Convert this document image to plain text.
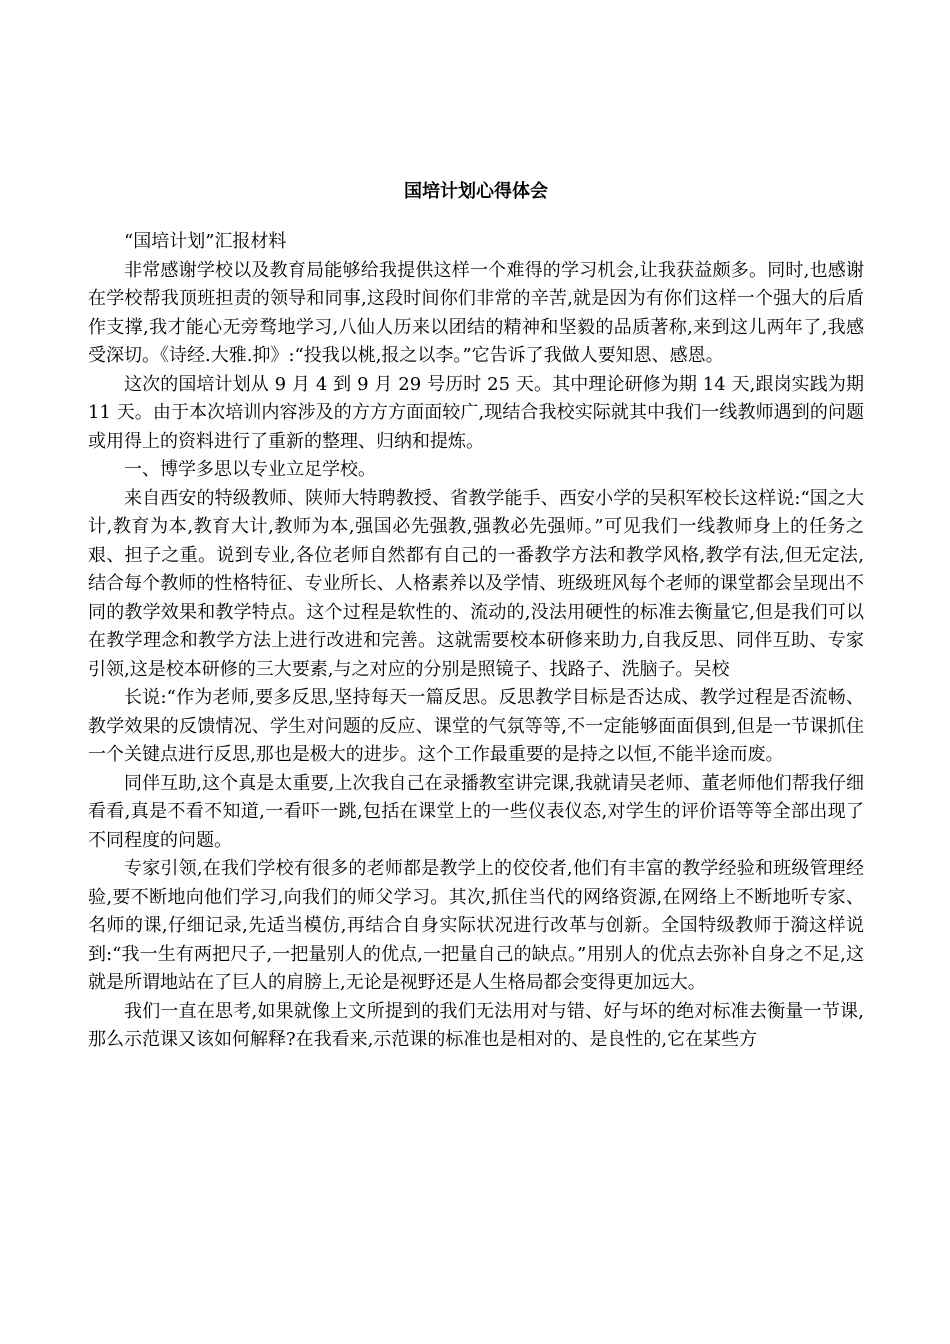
国培计划心得体会

“国培计划”汇报材料

非常感谢学校以及教育局能够给我提供这样一个难得的学习机会,让我获益颇多。同时,也感谢在学校帮我顶班担责的领导和同事,这段时间你们非常的辛苦,就是因为有你们这样一个强大的后盾作支撑,我才能心无旁骛地学习,八仙人历来以团结的精神和坚毅的品质著称,来到这儿两年了,我感受深切。《诗经.大雅.抑》:“投我以桃,报之以李。”它告诉了我做人要知恩、感恩。

这次的国培计划从 9 月 4 到 9 月 29 号历时 25 天。其中理论研修为期 14 天,跟岗实践为期 11 天。由于本次培训内容涉及的方方方面面较广,现结合我校实际就其中我们一线教师遇到的问题或用得上的资料进行了重新的整理、归纳和提炼。

一、博学多思以专业立足学校。

来自西安的特级教师、陕师大特聘教授、省教学能手、西安小学的吴积军校长这样说:“国之大计,教育为本,教育大计,教师为本,强国必先强教,强教必先强师。”可见我们一线教师身上的任务之艰、担子之重。说到专业,各位老师自然都有自己的一番教学方法和教学风格,教学有法,但无定法,结合每个教师的性格特征、专业所长、人格素养以及学情、班级班风每个老师的课堂都会呈现出不同的教学效果和教学特点。这个过程是软性的、流动的,没法用硬性的标准去衡量它,但是我们可以在教学理念和教学方法上进行改进和完善。这就需要校本研修来助力,自我反思、同伴互助、专家引领,这是校本研修的三大要素,与之对应的分别是照镜子、找路子、洗脑子。吴校

长说:“作为老师,要多反思,坚持每天一篇反思。反思教学目标是否达成、教学过程是否流畅、教学效果的反馈情况、学生对问题的反应、课堂的气氛等等,不一定能够面面俱到,但是一节课抓住一个关键点进行反思,那也是极大的进步。这个工作最重要的是持之以恒,不能半途而废。

同伴互助,这个真是太重要,上次我自己在录播教室讲完课,我就请吴老师、董老师他们帮我仔细看看,真是不看不知道,一看吓一跳,包括在课堂上的一些仪表仪态,对学生的评价语等等全部出现了不同程度的问题。

专家引领,在我们学校有很多的老师都是教学上的佼佼者,他们有丰富的教学经验和班级管理经验,要不断地向他们学习,向我们的师父学习。其次,抓住当代的网络资源,在网络上不断地听专家、名师的课,仔细记录,先适当模仿,再结合自身实际状况进行改革与创新。全国特级教师于漪这样说到:“我一生有两把尺子,一把量别人的优点,一把量自己的缺点。”用别人的优点去弥补自身之不足,这就是所谓地站在了巨人的肩膀上,无论是视野还是人生格局都会变得更加远大。

我们一直在思考,如果就像上文所提到的我们无法用对与错、好与坏的绝对标准去衡量一节课,那么示范课又该如何解释?在我看来,示范课的标准也是相对的、是良性的,它在某些方
